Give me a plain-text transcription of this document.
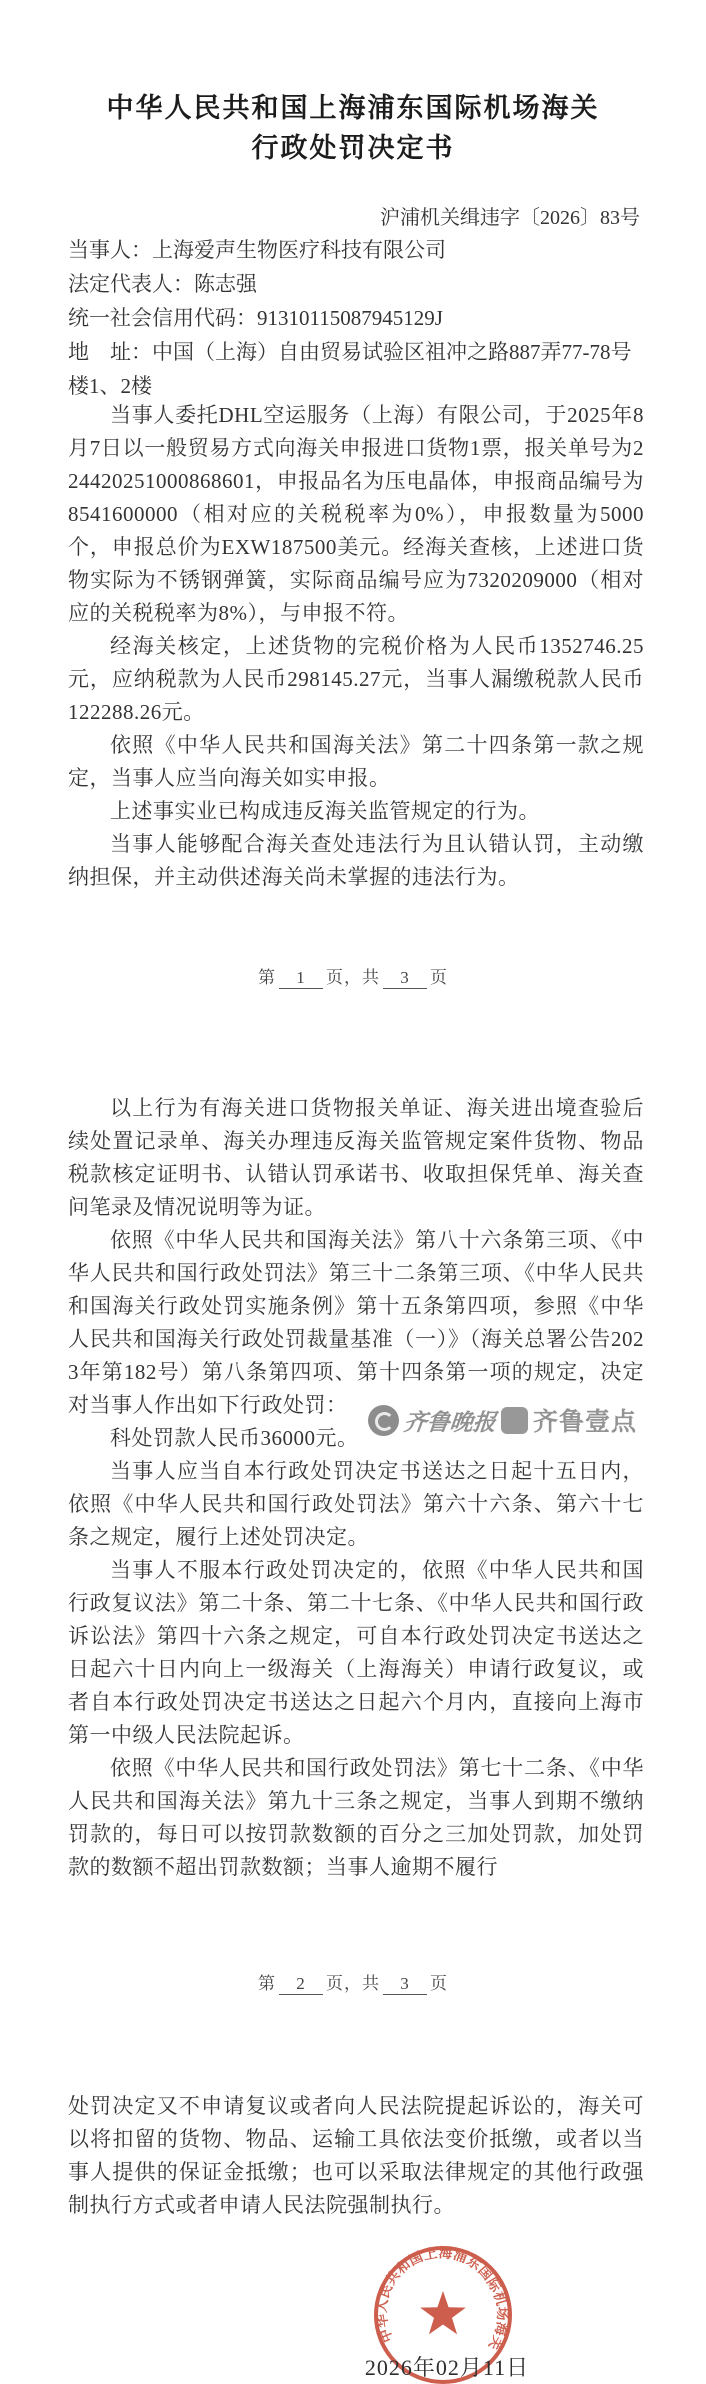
中华人民共和国上海浦东国际机场海关
行政处罚决定书
沪浦机关缉违字〔2026〕83号

当事人：上海爱声生物医疗科技有限公司

法定代表人：陈志强

统一社会信用代码：91310115087945129J

地　址：中国（上海）自由贸易试验区祖冲之路887弄77-78号楼1、2楼

当事人委托DHL空运服务（上海）有限公司，于2025年8月7日以一般贸易方式向海关申报进口货物1票，报关单号为224420251000868601，申报品名为压电晶体，申报商品编号为8541600000（相对应的关税税率为0%），申报数量为5000个，申报总价为EXW187500美元。经海关查核，上述进口货物实际为不锈钢弹簧，实际商品编号应为7320209000（相对应的关税税率为8%），与申报不符。

经海关核定，上述货物的完税价格为人民币1352746.25元，应纳税款为人民币298145.27元，当事人漏缴税款人民币122288.26元。

依照《中华人民共和国海关法》第二十四条第一款之规定，当事人应当向海关如实申报。

上述事实业已构成违反海关监管规定的行为。

当事人能够配合海关查处违法行为且认错认罚，主动缴纳担保，并主动供述海关尚未掌握的违法行为。

第 1 页，共 3 页

以上行为有海关进口货物报关单证、海关进出境查验后续处置记录单、海关办理违反海关监管规定案件货物、物品税款核定证明书、认错认罚承诺书、收取担保凭单、海关查问笔录及情况说明等为证。

依照《中华人民共和国海关法》第八十六条第三项、《中华人民共和国行政处罚法》第三十二条第三项、《中华人民共和国海关行政处罚实施条例》第十五条第四项，参照《中华人民共和国海关行政处罚裁量基准（一）》（海关总署公告2023年第182号）第八条第四项、第十四条第一项的规定，决定对当事人作出如下行政处罚：

科处罚款人民币36000元。

当事人应当自本行政处罚决定书送达之日起十五日内，依照《中华人民共和国行政处罚法》第六十六条、第六十七条之规定，履行上述处罚决定。

当事人不服本行政处罚决定的，依照《中华人民共和国行政复议法》第二十条、第二十七条、《中华人民共和国行政诉讼法》第四十六条之规定，可自本行政处罚决定书送达之日起六十日内向上一级海关（上海海关）申请行政复议，或者自本行政处罚决定书送达之日起六个月内，直接向上海市第一中级人民法院起诉。

依照《中华人民共和国行政处罚法》第七十二条、《中华人民共和国海关法》第九十三条之规定，当事人到期不缴纳罚款的，每日可以按罚款数额的百分之三加处罚款，加处罚款的数额不超出罚款数额；当事人逾期不履行

第 2 页，共 3 页

处罚决定又不申请复议或者向人民法院提起诉讼的，海关可以将扣留的货物、物品、运输工具依法变价抵缴，或者以当事人提供的保证金抵缴；也可以采取法律规定的其他行政强制执行方式或者申请人民法院强制执行。

齐鲁晚报 齐鲁壹点
中华人民共和国上海浦东国际机场海关
2026年02月11日
